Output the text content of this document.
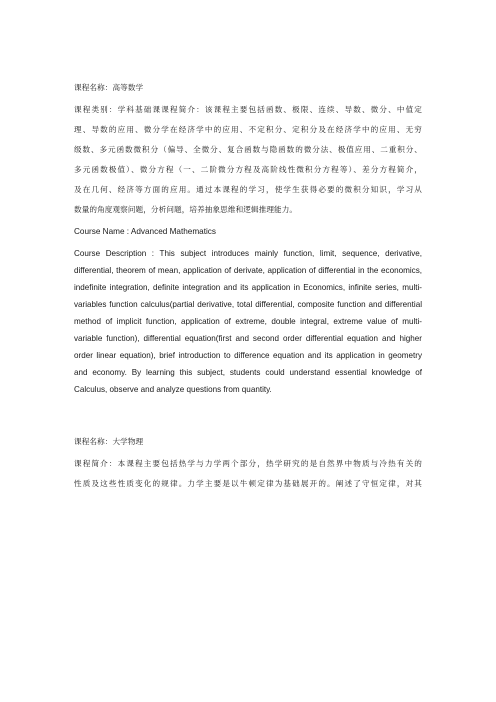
课程名称：高等数学
课程类别：学科基础课课程简介：该课程主要包括函数、极限、连续、导数、微分、中值定
理、导数的应用、微分学在经济学中的应用、不定积分、定积分及在经济学中的应用、无穷
级数、多元函数微积分（偏导、全微分、复合函数与隐函数的微分法、极值应用、二重积分、
多元函数极值）、微分方程（一、二阶微分方程及高阶线性微积分方程等）、差分方程简介，
及在几何、经济等方面的应用。通过本课程的学习，使学生获得必要的微积分知识，学习从
数量的角度观察问题，分析问题，培养抽象思维和逻辑推理能力。
Course Name : Advanced Mathematics
Course Description : This subject introduces mainly function, limit, sequence, derivative, differential, theorem of mean, application of derivate, application of differential in the economics, indefinite integration, definite integration and its application in Economics, infinite series, multi-variables function calculus(partial derivative, total differential, composite function and differential method of implicit function, application of extreme, double integral, extreme value of multi-variable function), differential equation(first and second order differential equation and higher order linear equation), brief introduction to difference equation and its application in geometry and economy. By learning this subject, students could understand essential knowledge of Calculus, observe and analyze questions from quantity.
课程名称：大学物理
课程简介：本课程主要包括热学与力学两个部分，热学研究的是自然界中物质与冷热有关的
性质及这些性质变化的规律。力学主要是以牛顿定律为基础展开的。阐述了守恒定律，对其
